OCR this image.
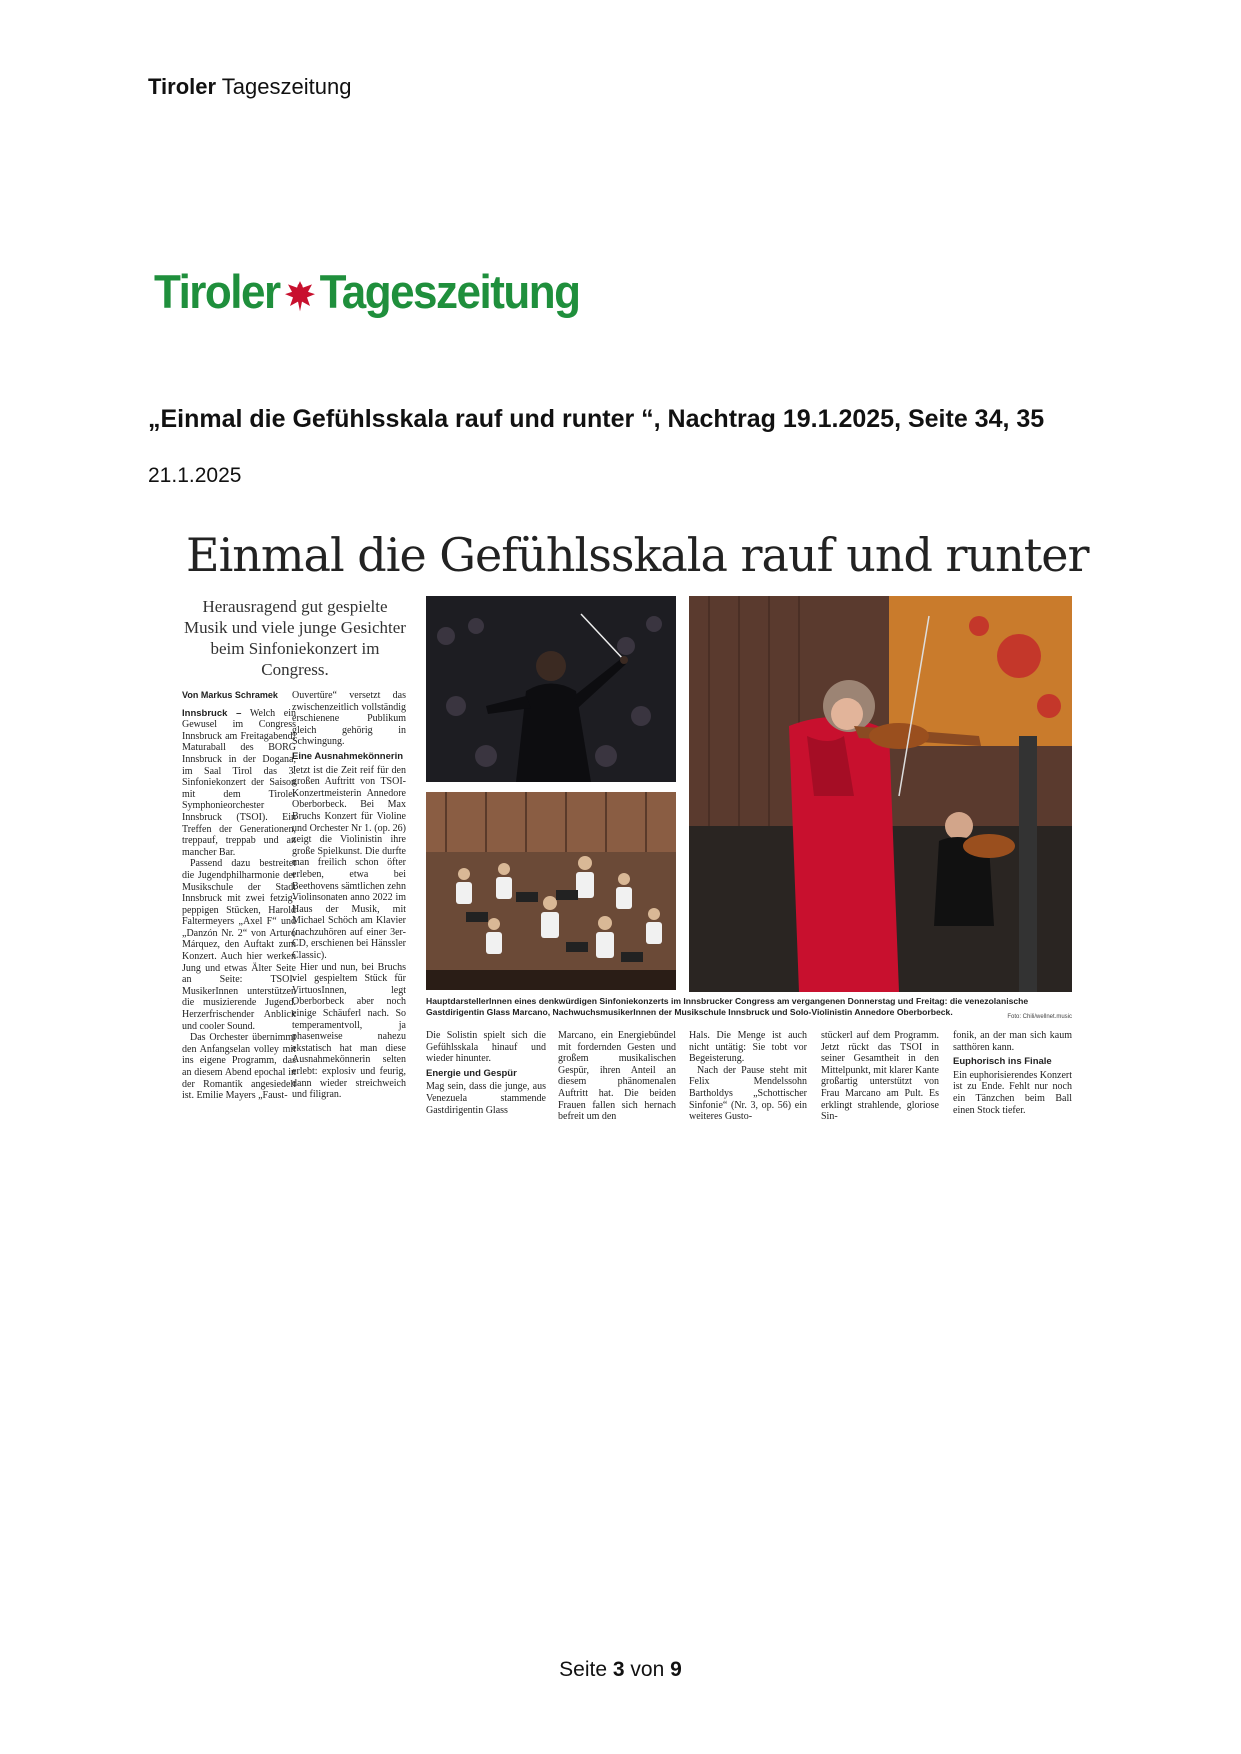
Tiroler Tageszeitung
Tiroler Tageszeitung
„Einmal die Gefühlsskala rauf und runter “, Nachtrag 19.1.2025, Seite 34, 35
21.1.2025
Einmal die Gefühlsskala rauf und runter
Herausragend gut gespielte Musik und viele junge Gesichter beim Sinfoniekonzert im Congress.
Von Markus Schramek

Innsbruck – Welch ein Gewusel im Congress Innsbruck am Freitagabend! Maturaball des BORG Innsbruck in der Dogana, im Saal Tirol das 3. Sinfoniekonzert der Saison mit dem Tiroler Symphonieorchester Innsbruck (TSOI). Ein Treffen der Generationen, treppauf, treppab und an mancher Bar.

Passend dazu bestreitet die Jugendphilharmonie der Musikschule der Stadt Innsbruck mit zwei fetzig-peppigen Stücken, Harold Faltermeyers „Axel F“ und „Danzón Nr. 2“ von Arturo Márquez, den Auftakt zum Konzert. Auch hier werken Jung und etwas Älter Seite an Seite: TSOI-MusikerInnen unterstützen die musizierende Jugend. Herzerfrischender Anblick und cooler Sound.

Das Orchester übernimmt den Anfangselan volley mit ins eigene Programm, das an diesem Abend epochal in der Romantik angesiedelt ist. Emilie Mayers „Faust-

Ouvertüre“ versetzt das zwischenzeitlich vollständig erschienene Publikum gleich gehörig in Schwingung.

Eine Ausnahmekönnerin

Jetzt ist die Zeit reif für den großen Auftritt von TSOI-Konzertmeisterin Annedore Oberborbeck. Bei Max Bruchs Konzert für Violine und Orchester Nr 1. (op. 26) zeigt die Violinistin ihre große Spielkunst. Die durfte man freilich schon öfter erleben, etwa bei Beethovens sämtlichen zehn Violinsonaten anno 2022 im Haus der Musik, mit Michael Schöch am Klavier (nachzuhören auf einer 3er-CD, erschienen bei Hänssler Classic).

Hier und nun, bei Bruchs viel gespieltem Stück für VirtuosInnen, legt Oberborbeck aber noch einige Schäuferl nach. So temperamentvoll, ja phasenweise nahezu ekstatisch hat man diese Ausnahmekönnerin selten erlebt: explosiv und feurig, dann wieder streichweich und filigran.

HauptdarstellerInnen eines denkwürdigen Sinfoniekonzerts im Innsbrucker Congress am vergangenen Donnerstag und Freitag: die venezolanische Gastdirigentin Glass Marcano, NachwuchsmusikerInnen der Musikschule Innsbruck und Solo-Violinistin Annedore Oberborbeck.	Foto: Chili/wellnet.music

Die Solistin spielt sich die Gefühlsskala hinauf und wieder hinunter.

Energie und Gespür

Mag sein, dass die junge, aus Venezuela stammende Gastdirigentin Glass

Marcano, ein Energiebündel mit fordernden Gesten und großem musikalischen Gespür, ihren Anteil an diesem phänomenalen Auftritt hat. Die beiden Frauen fallen sich hernach befreit um den

Hals. Die Menge ist auch nicht untätig: Sie tobt vor Begeisterung.

Nach der Pause steht mit Felix Mendelssohn Bartholdys „Schottischer Sinfonie“ (Nr. 3, op. 56) ein weiteres Gusto-

stückerl auf dem Programm. Jetzt rückt das TSOI in seiner Gesamtheit in den Mittelpunkt, mit klarer Kante großartig unterstützt von Frau Marcano am Pult. Es erklingt strahlende, gloriose Sin-

fonik, an der man sich kaum satthören kann.

Euphorisch ins Finale

Ein euphorisierendes Konzert ist zu Ende. Fehlt nur noch ein Tänzchen beim Ball einen Stock tiefer.

Seite 3 von 9
